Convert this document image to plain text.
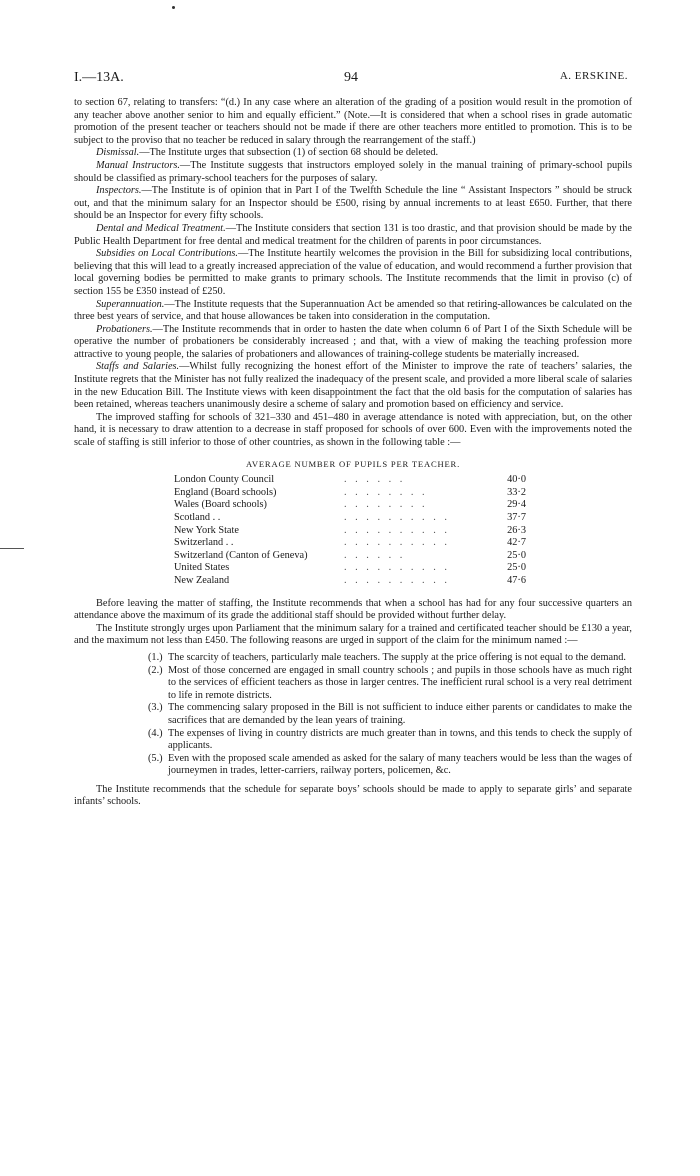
I.—13A.	94	A. ERSKINE.

to section 67, relating to transfers: “(d.) In any case where an alteration of the grading of a position would result in the promotion of any teacher above another senior to him and equally efficient.” (Note.—It is considered that when a school rises in grade automatic promotion of the present teacher or teachers should not be made if there are other teachers more entitled to promotion. This is to be subject to the proviso that no teacher be reduced in salary through the rearrangement of the staff.)

Dismissal.—The Institute urges that subsection (1) of section 68 should be deleted.

Manual Instructors.—The Institute suggests that instructors employed solely in the manual training of primary-school pupils should be classified as primary-school teachers for the purposes of salary.

Inspectors.—The Institute is of opinion that in Part I of the Twelfth Schedule the line “ Assistant Inspectors ” should be struck out, and that the minimum salary for an Inspector should be £500, rising by annual increments to at least £650. Further, that there should be an Inspector for every fifty schools.

Dental and Medical Treatment.—The Institute considers that section 131 is too drastic, and that provision should be made by the Public Health Department for free dental and medical treatment for the children of parents in poor circumstances.

Subsidies on Local Contributions.—The Institute heartily welcomes the provision in the Bill for subsidizing local contributions, believing that this will lead to a greatly increased appreciation of the value of education, and would recommend a further provision that local governing bodies be permitted to make grants to primary schools. The Institute recommends that the limit in proviso (c) of section 155 be £350 instead of £250.

Superannuation.—The Institute requests that the Superannuation Act be amended so that retiring-allowances be calculated on the three best years of service, and that house allowances be taken into consideration in the computation.

Probationers.—The Institute recommends that in order to hasten the date when column 6 of Part I of the Sixth Schedule will be operative the number of probationers be considerably increased ; and that, with a view of making the teaching profession more attractive to young people, the salaries of probationers and allowances of training-college students be materially increased.

Staffs and Salaries.—Whilst fully recognizing the honest effort of the Minister to improve the rate of teachers’ salaries, the Institute regrets that the Minister has not fully realized the inadequacy of the present scale, and provided a more liberal scale of salaries in the new Education Bill. The Institute views with keen disappointment the fact that the old basis for the computation of salaries has been retained, whereas teachers unanimously desire a scheme of salary and promotion based on efficiency and service.

The improved staffing for schools of 321–330 and 451–480 in average attendance is noted with appreciation, but, on the other hand, it is necessary to draw attention to a decrease in staff proposed for schools of over 600. Even with the improvements noted the scale of staffing is still inferior to those of other countries, as shown in the following table :—

AVERAGE NUMBER OF PUPILS PER TEACHER.
London County Council	. . . . . .	40·0
England (Board schools)	. . . . . . . .	33·2
Wales (Board schools)	. . . . . . . .	29·4
Scotland . .	. . . . . . . . . .	37·7
New York State	. . . . . . . . . .	26·3
Switzerland . .	. . . . . . . . . .	42·7
Switzerland (Canton of Geneva)	. . . . . .	25·0
United States	. . . . . . . . . .	25·0
New Zealand	. . . . . . . . . .	47·6

Before leaving the matter of staffing, the Institute recommends that when a school has had for any four successive quarters an attendance above the maximum of its grade the additional staff should be provided without further delay.

The Institute strongly urges upon Parliament that the minimum salary for a trained and certificated teacher should be £130 a year, and the maximum not less than £450. The following reasons are urged in support of the claim for the minimum named :—

(1.) The scarcity of teachers, particularly male teachers. The supply at the price offering is not equal to the demand.
(2.) Most of those concerned are engaged in small country schools ; and pupils in those schools have as much right to the services of efficient teachers as those in larger centres. The inefficient rural school is a very real detriment to life in remote districts.
(3.) The commencing salary proposed in the Bill is not sufficient to induce either parents or candidates to make the sacrifices that are demanded by the lean years of training.
(4.) The expenses of living in country districts are much greater than in towns, and this tends to check the supply of applicants.
(5.) Even with the proposed scale amended as asked for the salary of many teachers would be less than the wages of journeymen in trades, letter-carriers, railway porters, policemen, &c.

The Institute recommends that the schedule for separate boys’ schools should be made to apply to separate girls’ and separate infants’ schools.
